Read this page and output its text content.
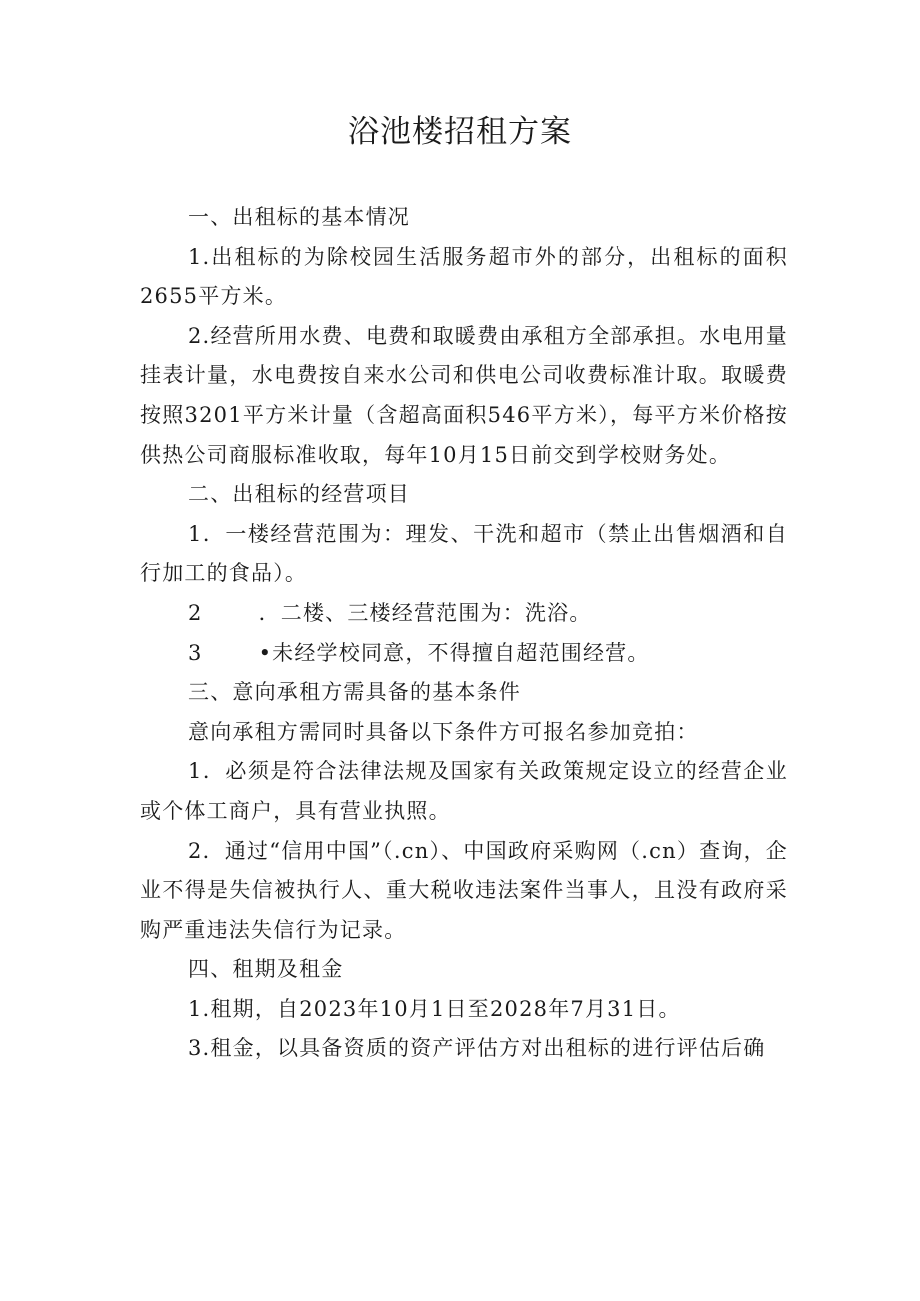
浴池楼招租方案

一、出租标的基本情况

1.出租标的为除校园生活服务超市外的部分，出租标的面积2655平方米。

2.经营所用水费、电费和取暖费由承租方全部承担。水电用量挂表计量，水电费按自来水公司和供电公司收费标准计取。取暖费按照3201平方米计量（含超高面积546平方米），每平方米价格按供热公司商服标准收取，每年10月15日前交到学校财务处。

二、出租标的经营项目

1．一楼经营范围为：理发、干洗和超市（禁止出售烟酒和自行加工的食品）。

2	．二楼、三楼经营范围为：洗浴。

3	•未经学校同意，不得擅自超范围经营。

三、意向承租方需具备的基本条件

意向承租方需同时具备以下条件方可报名参加竞拍：

1．必须是符合法律法规及国家有关政策规定设立的经营企业或个体工商户，具有营业执照。

2．通过“信用中国”（.cn）、中国政府采购网（.cn）查询，企业不得是失信被执行人、重大税收违法案件当事人，且没有政府采购严重违法失信行为记录。

四、租期及租金

1.租期，自2023年10月1日至2028年7月31日。

3.租金，以具备资质的资产评估方对出租标的进行评估后确
